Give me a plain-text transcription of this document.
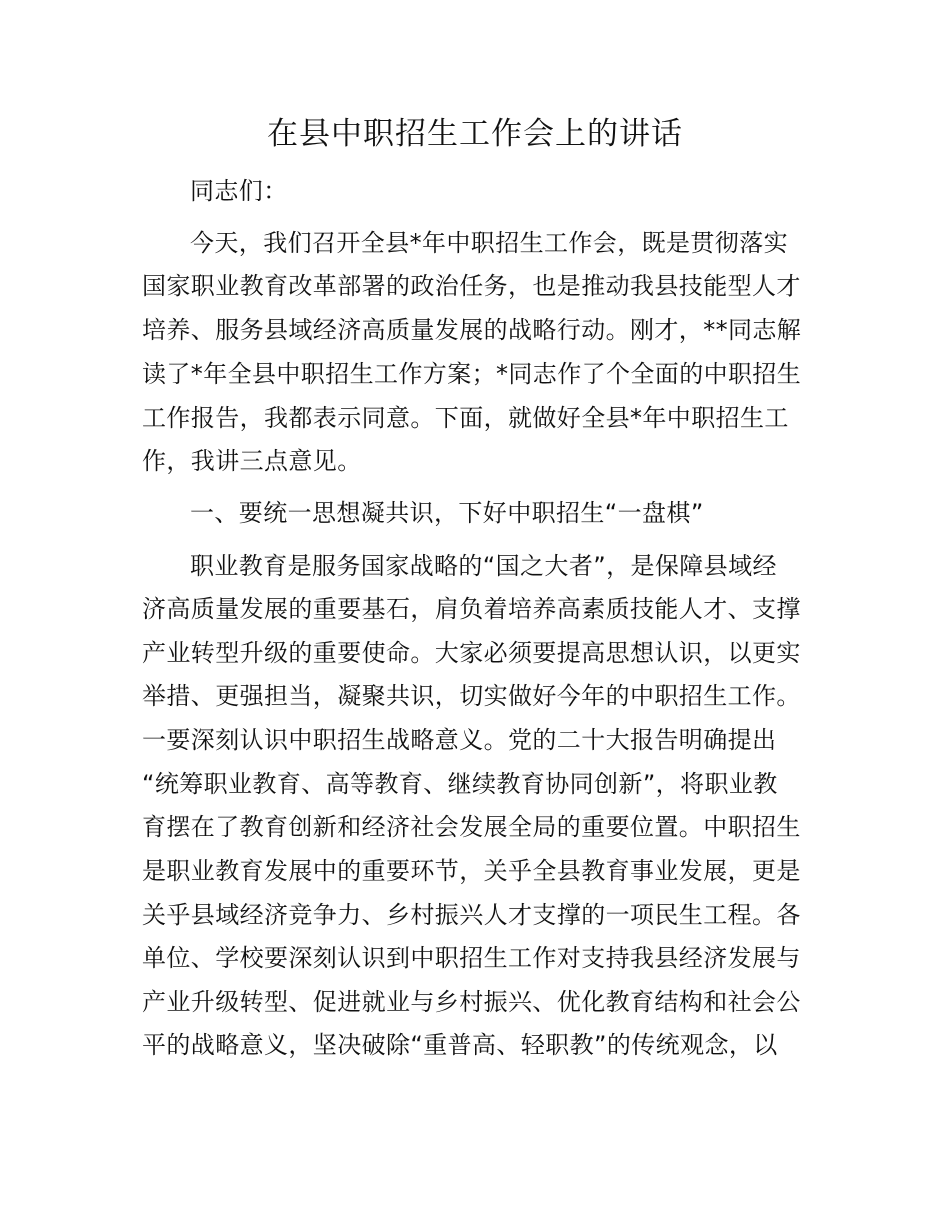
在县中职招生工作会上的讲话
同志们：
今天，我们召开全县*年中职招生工作会，既是贯彻落实
国家职业教育改革部署的政治任务，也是推动我县技能型人才
培养、服务县域经济高质量发展的战略行动。刚才，**同志解
读了*年全县中职招生工作方案；*同志作了个全面的中职招生
工作报告，我都表示同意。下面，就做好全县*年中职招生工
作，我讲三点意见。
一、要统一思想凝共识，下好中职招生“一盘棋”
职业教育是服务国家战略的“国之大者”，是保障县域经
济高质量发展的重要基石，肩负着培养高素质技能人才、支撑
产业转型升级的重要使命。大家必须要提高思想认识，以更实
举措、更强担当，凝聚共识，切实做好今年的中职招生工作。
一要深刻认识中职招生战略意义。党的二十大报告明确提出
“统筹职业教育、高等教育、继续教育协同创新”，将职业教
育摆在了教育创新和经济社会发展全局的重要位置。中职招生
是职业教育发展中的重要环节，关乎全县教育事业发展，更是
关乎县域经济竞争力、乡村振兴人才支撑的一项民生工程。各
单位、学校要深刻认识到中职招生工作对支持我县经济发展与
产业升级转型、促进就业与乡村振兴、优化教育结构和社会公
平的战略意义，坚决破除“重普高、轻职教”的传统观念，以
